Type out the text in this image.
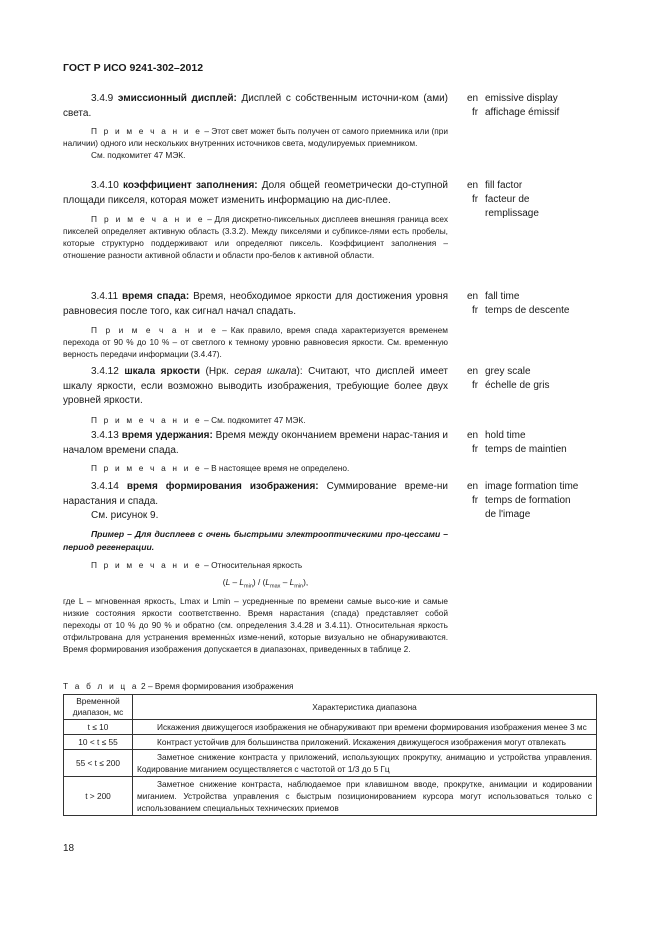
ГОСТ Р ИСО 9241-302–2012

3.4.9 эмиссионный дисплей: Дисплей с собственным источни-ком (ами) света.

П р и м е ч а н и е – Этот свет может быть получен от самого приемника или (при наличии) одного или нескольких внутренних источников света, модулируемых приемником.

См. подкомитет 47 МЭК.

en emissive display
fr affichage émissif

3.4.10 коэффициент заполнения: Доля общей геометрически до-ступной площади пикселя, которая может изменить информацию на дис-плее.

П р и м е ч а н и е – Для дискретно-пиксельных дисплеев внешняя граница всех пикселей определяет активную область (3.3.2). Между пикселями и субпиксе-лями есть пробелы, которые структурно поддерживают или определяют пиксель. Коэффициент заполнения – отношение разности активной области и области про-белов к активной области.

en fill factor
fr facteur de
remplissage

3.4.11 время спада: Время, необходимое яркости для достижения уровня равновесия после того, как сигнал начал спадать.

П р и м е ч а н и е – Как правило, время спада характеризуется временем перехода от 90 % до 10 % – от светлого к темному уровню равновесия яркости. См. временную верность передачи информации (3.4.47).

en fall time
fr temps de descente

3.4.12 шкала яркости (Нрк. серая шкала): Считают, что дисплей имеет шкалу яркости, если возможно выводить изображения, требующие более двух уровней яркости.

П р и м е ч а н и е – См. подкомитет 47 МЭК.

en grey scale
fr échelle de gris

3.4.13 время удержания: Время между окончанием времени нарас-тания и началом времени спада.

П р и м е ч а н и е – В настоящее время не определено.

en hold time
fr temps de maintien

3.4.14 время формирования изображения: Суммирование време-ни нарастания и спада.

См. рисунок 9.

Пример – Для дисплеев с очень быстрыми электрооптическими про-цессами – период регенерации.

П р и м е ч а н и е – Относительная яркость

$(L - L_{min}) / (L_{max} - L_{min})$,

где L – мгновенная яркость, Lmax и Lmin – усредненные по времени самые высо-кие и самые низкие состояния яркости соответственно. Время нарастания (спада) представляет собой переходы от 10 % до 90 % и обратно (см. определения 3.4.28 и 3.4.11). Относительная яркость отфильтрована для устранения временны́х изме-нений, которые визуально не обнаруживаются. Время формирования изображения допускается в диапазонах, приведенных в таблице 2.

en image formation time
fr temps de formation
de l'image
Т а б л и ц а 2 – Время формирования изображения
Временной диапазон, мс	Характеристика диапазона
t ≤ 10	Искажения движущегося изображения не обнаруживают при времени формирования изображения менее 3 мс
10 < t ≤ 55	Контраст устойчив для большинства приложений. Искажения движущегося изображения могут отвлекать
55 < t ≤ 200	Заметное снижение контраста у приложений, использующих прокрутку, анимацию и устройства управления. Кодирование миганием осуществляется с частотой от 1/3 до 5 Гц
t > 200	Заметное снижение контраста, наблюдаемое при клавишном вводе, прокрутке, анимации и кодировании миганием. Устройства управления с быстрым позиционированием курсора могут использоваться только с использованием специальных технических приемов
18
